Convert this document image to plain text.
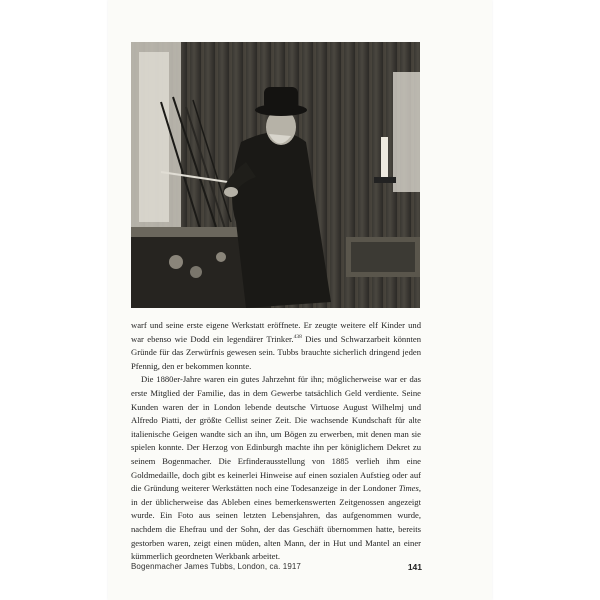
warf und seine erste eigene Werkstatt eröffnete. Er zeugte weitere elf Kinder und war ebenso wie Dodd ein legendärer Trinker.$^{438}$ Dies und Schwarzarbeit könnten Gründe für das Zerwürfnis gewesen sein. Tubbs brauchte sicherlich dringend jeden Pfennig, den er bekommen konnte.

Die 1880er-Jahre waren ein gutes Jahrzehnt für ihn; möglicherweise war er das erste Mitglied der Familie, das in dem Gewerbe tatsächlich Geld verdiente. Seine Kunden waren der in London lebende deutsche Virtuose August Wilhelmj und Alfredo Piatti, der größte Cellist seiner Zeit. Die wachsende Kundschaft für alte italienische Geigen wandte sich an ihn, um Bögen zu erwerben, mit denen man sie spielen konnte. Der Herzog von Edinburgh machte ihn per königlichem Dekret zu seinem Bogenmacher. Die Erfinderausstellung von 1885 verlieh ihm eine Goldmedaille, doch gibt es keinerlei Hinweise auf einen sozialen Aufstieg oder auf die Gründung weiterer Werkstätten noch eine Todesanzeige in der Londoner Times, in der üblicherweise das Ableben eines bemerkenswerten Zeitgenossen angezeigt wurde. Ein Foto aus seinen letzten Lebensjahren, das aufgenommen wurde, nachdem die Ehefrau und der Sohn, der das Geschäft übernommen hatte, bereits gestorben waren, zeigt einen müden, alten Mann, der in Hut und Mantel an einer kümmerlich geordneten Werkbank arbeitet.

Bogenmacher James Tubbs, London, ca. 1917	141
